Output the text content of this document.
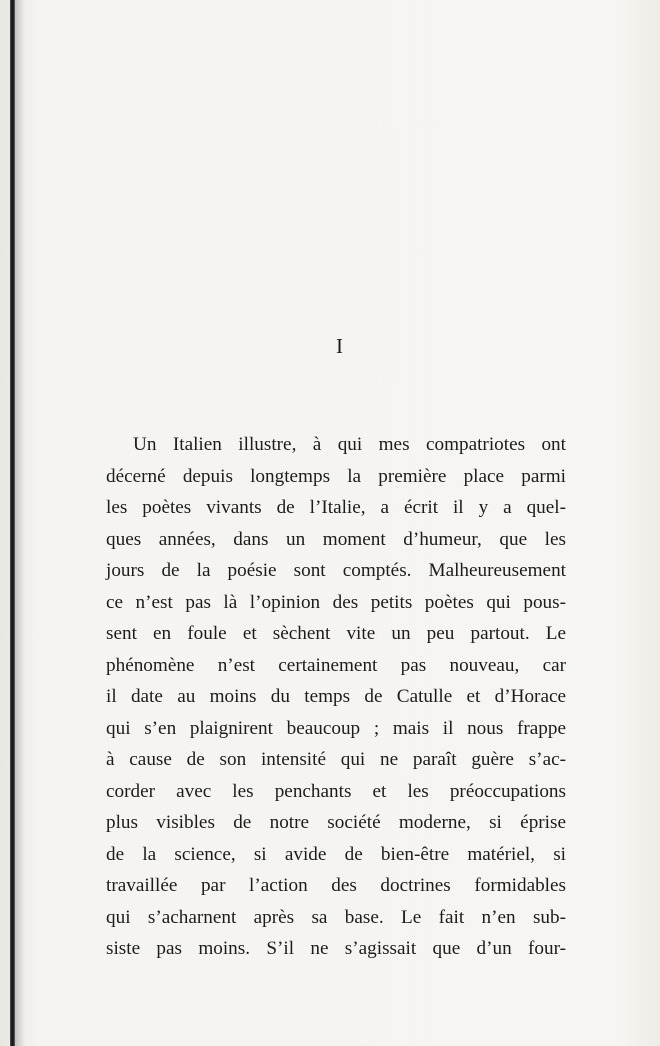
I
Un Italien illustre, à qui mes compatriotes ont
décerné depuis longtemps la première place parmi
les poètes vivants de l’Italie, a écrit il y a quel-
ques années, dans un moment d’humeur, que les
jours de la poésie sont comptés. Malheureusement
ce n’est pas là l’opinion des petits poètes qui pous-
sent en foule et sèchent vite un peu partout. Le
phénomène n’est certainement pas nouveau, car
il date au moins du temps de Catulle et d’Horace
qui s’en plaignirent beaucoup ; mais il nous frappe
à cause de son intensité qui ne paraît guère s’ac-
corder avec les penchants et les préoccupations
plus visibles de notre société moderne, si éprise
de la science, si avide de bien-être matériel, si
travaillée par l’action des doctrines formidables
qui s’acharnent après sa base. Le fait n’en sub-
siste pas moins. S’il ne s’agissait que d’un four-
